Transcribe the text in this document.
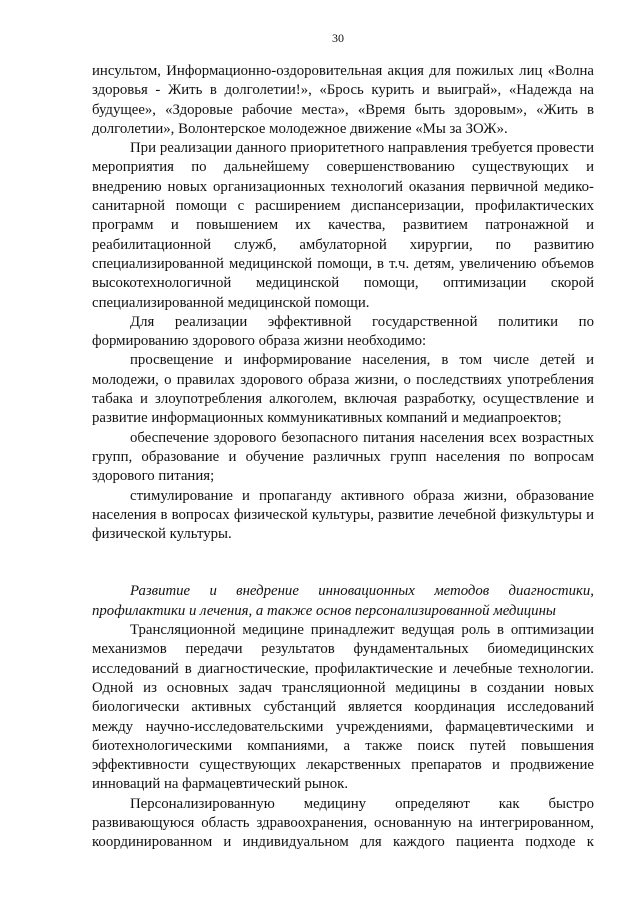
30

инсультом, Информационно-оздоровительная акция для пожилых лиц «Волна здоровья - Жить в долголетии!», «Брось курить и выиграй», «Надежда на будущее», «Здоровые рабочие места», «Время быть здоровым», «Жить в долголетии», Волонтерское молодежное движение «Мы за ЗОЖ».

При реализации данного приоритетного направления требуется провести мероприятия по дальнейшему совершенствованию существующих и внедрению новых организационных технологий оказания первичной медико-санитарной помощи с расширением диспансеризации, профилактических программ и повышением их качества, развитием патронажной и реабилитационной служб, амбулаторной хирургии, по развитию специализированной медицинской помощи, в т.ч. детям, увеличению объемов высокотехнологичной медицинской помощи, оптимизации скорой специализированной медицинской помощи.

Для реализации эффективной государственной политики по формированию здорового образа жизни необходимо:

просвещение и информирование населения, в том числе детей и молодежи, о правилах здорового образа жизни, о последствиях употребления табака и злоупотребления алкоголем, включая разработку, осуществление и развитие информационных коммуникативных компаний и медиапроектов;

обеспечение здорового безопасного питания населения всех возрастных групп, образование и обучение различных групп населения по вопросам здорового питания;

стимулирование и пропаганду активного образа жизни, образование населения в вопросах физической культуры, развитие лечебной физкультуры и физической культуры.

Развитие и внедрение инновационных методов диагностики, профилактики и лечения, а также основ персонализированной медицины

Трансляционной медицине принадлежит ведущая роль в оптимизации механизмов передачи результатов фундаментальных биомедицинских исследований в диагностические, профилактические и лечебные технологии. Одной из основных задач трансляционной медицины в создании новых биологически активных субстанций является координация исследований между научно-исследовательскими учреждениями, фармацевтическими и биотехнологическими компаниями, а также поиск путей повышения эффективности существующих лекарственных препаратов и продвижение инноваций на фармацевтический рынок.

Персонализированную медицину определяют как быстро развивающуюся область здравоохранения, основанную на интегрированном, координированном и индивидуальном для каждого пациента подходе к
